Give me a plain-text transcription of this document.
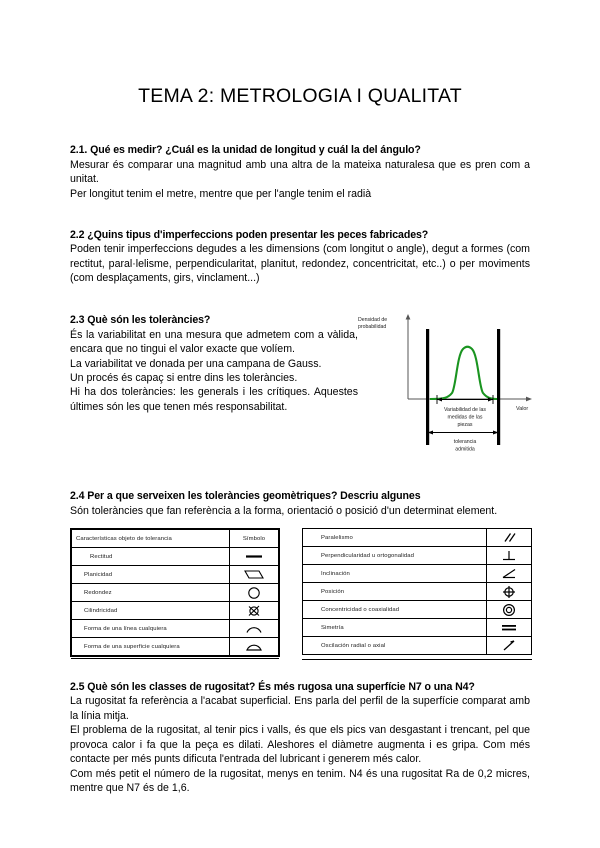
TEMA 2: METROLOGIA I QUALITAT
2.1. Qué es medir? ¿Cuál es la unidad de longitud y cuál la del ángulo?
Mesurar és comparar una magnitud amb una altra de la mateixa naturalesa que es pren com a unitat.
Per longitut tenim el metre, mentre que per l'angle tenim el radià
2.2 ¿Quins tipus d'imperfeccions poden presentar les peces fabricades?
Poden tenir imperfeccions degudes a les dimensions (com longitut o angle), degut a formes (com rectitut, paral·lelisme, perpendicularitat, planitut, redondez, concentricitat, etc..) o per moviments (com desplaçaments, girs, vinclament...)
2.3 Què són les toleràncies?
És la variabilitat en una mesura que admetem com a vàlida, encara que no tingui el valor exacte que volíem.
La variabilitat ve donada per una campana de Gauss.
Un procés és capaç si entre dins les toleràncies.
Hi ha dos toleràncies: les generals i les crítiques. Aquestes últimes són les que tenen més responsabilitat.
Densidad de
probabilidad
Valor
Variabilidad de las
medidas de las
piezas
tolerancia
admitida
2.4 Per a que serveixen les toleràncies geomètriques? Descriu algunes
Són toleràncies que fan referència a la forma, orientació o posició d'un determinat element.
Características objeto de tolerancia	Símbolo
Rectitud	

Planicidad	

Redondez	

Cilindricidad	

Forma de una línea cualquiera	

Forma de una superficie cualquiera	
Paralelismo	

Perpendicularidad u ortogonalidad	

Inclinación	

Posición	

Concentricidad o coaxialidad	

Simetría	

Oscilación radial o axial	
2.5 Què són les classes de rugositat? És més rugosa una superfície N7 o una N4?
La rugositat fa referència a l'acabat superficial. Ens parla del perfil de la superfície comparat amb la línia mitja.
El problema de la rugositat, al tenir pics i valls, és que els pics van desgastant i trencant, pel que provoca calor i fa que la peça es dilati. Aleshores el diàmetre augmenta i es gripa. Com més contacte per més punts dificuta l'entrada del lubricant i generem més calor.
Com més petit el número de la rugositat, menys en tenim. N4 és una rugositat Ra de 0,2 micres, mentre que N7 és de 1,6.
